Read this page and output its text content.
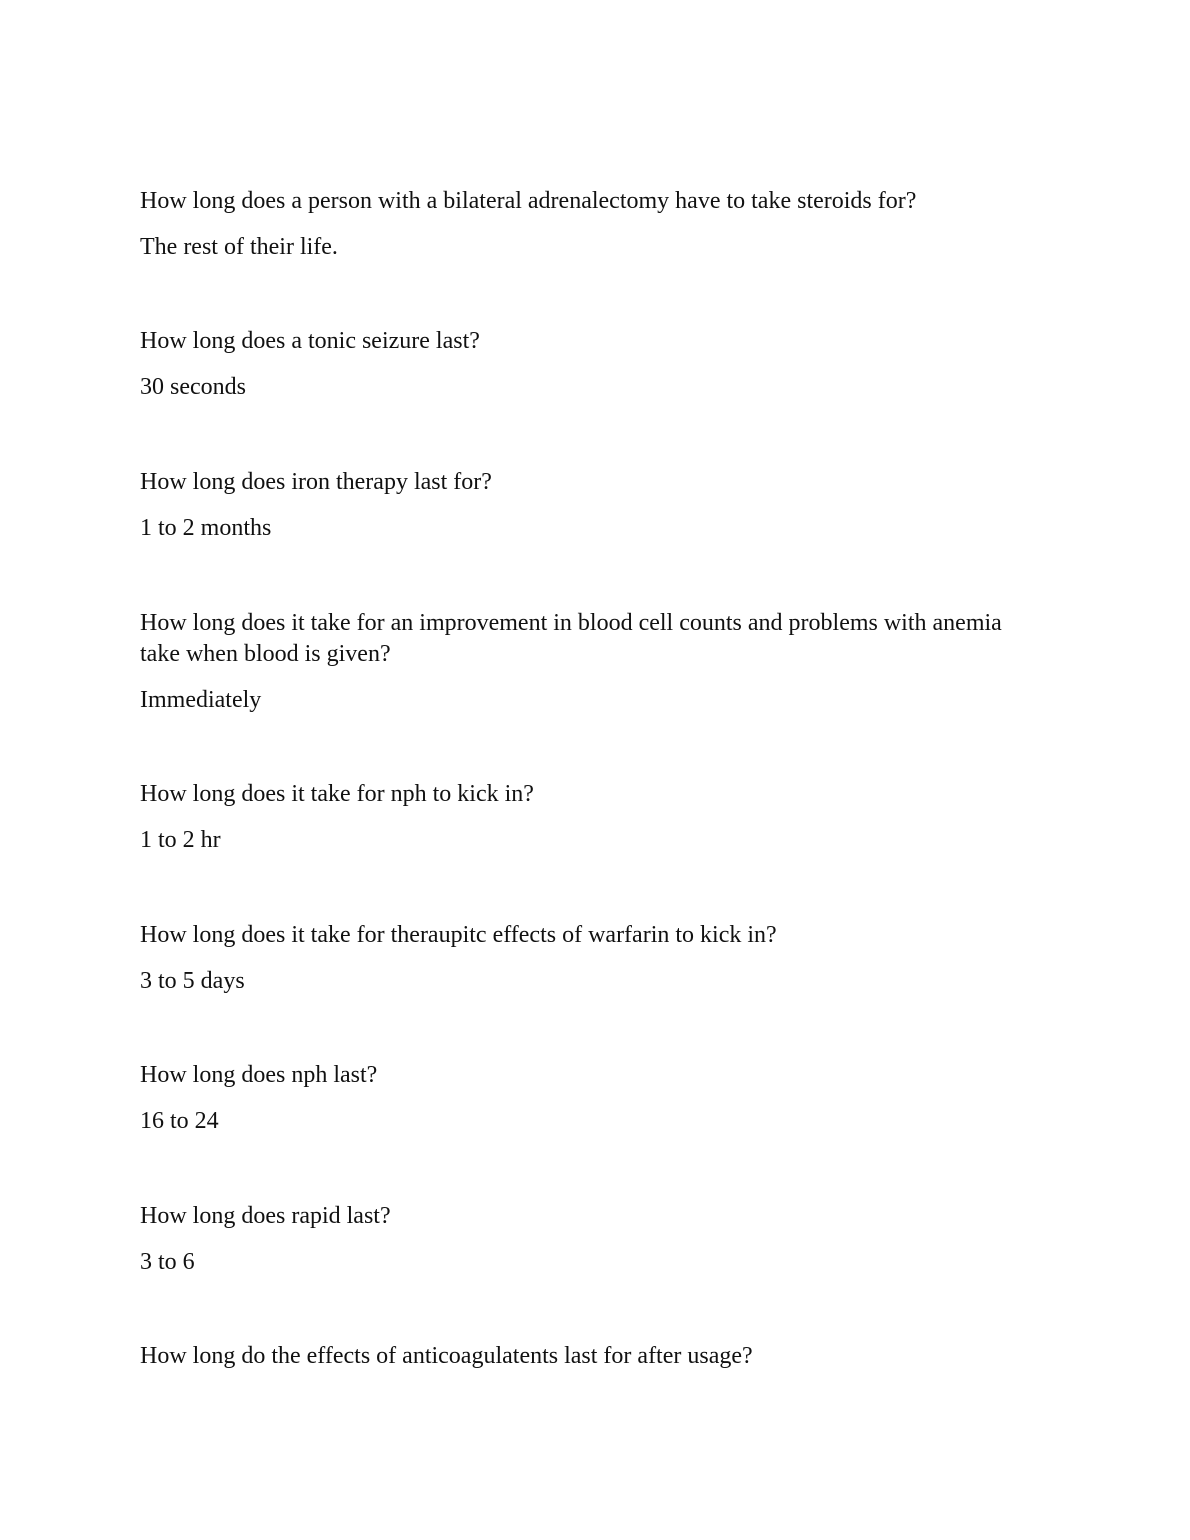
How long does a person with a bilateral adrenalectomy have to take steroids for?

The rest of their life.

How long does a tonic seizure last?

30 seconds

How long does iron therapy last for?

1 to 2 months

How long does it take for an improvement in blood cell counts and problems with anemia take when blood is given?

Immediately

How long does it take for nph to kick in?

1 to 2 hr

How long does it take for theraupitc effects of warfarin to kick in?

3 to 5 days

How long does nph last?

16 to 24

How long does rapid last?

3 to 6

How long do the effects of anticoagulatents last for after usage?
